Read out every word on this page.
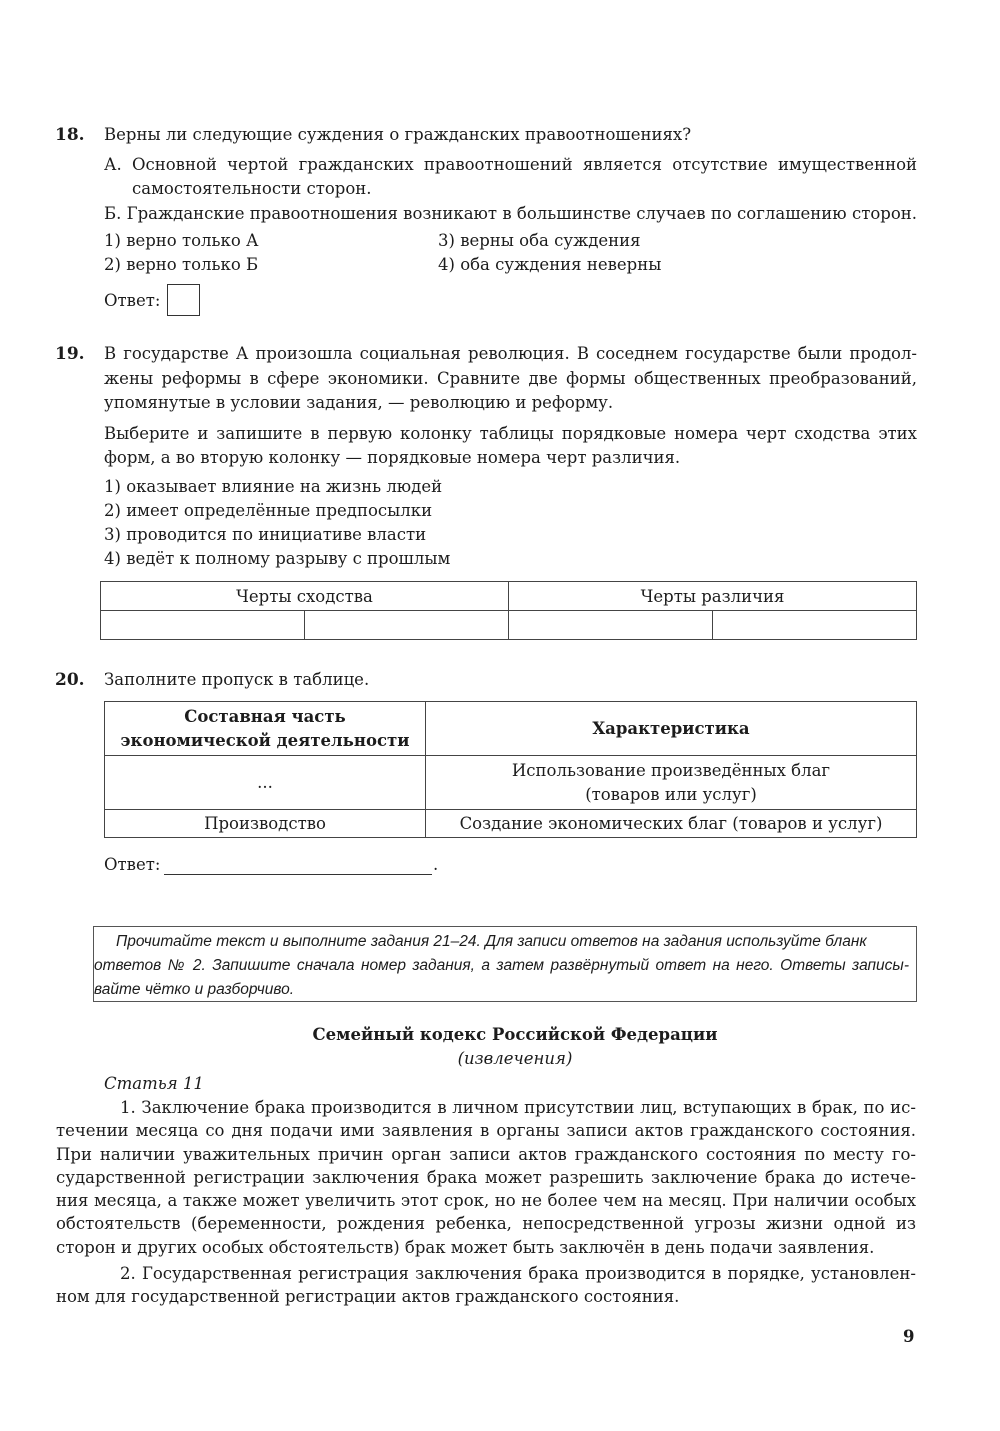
18. Верны ли следующие суждения о гражданских правоотношениях?
А. Основной чертой гражданских правоотношений является отсутствие имущественной
самостоятельности сторон.
Б. Гражданские правоотношения возникают в большинстве случаев по соглашению сторон.
1) верно только А
2) верно только Б
3) верны оба суждения
4) оба суждения неверны
Ответ:
19. В государстве А произошла социальная революция. В соседнем государстве были продол-
жены реформы в сфере экономики. Сравните две формы общественных преобразований,
упомянутые в условии задания, — революцию и реформу.
Выберите и запишите в первую колонку таблицы порядковые номера черт сходства этих
форм, а во вторую колонку — порядковые номера черт различия.
1) оказывает влияние на жизнь людей
2) имеет определённые предпосылки
3) проводится по инициативе власти
4) ведёт к полному разрыву с прошлым
Черты сходства		Черты различия	

20. Заполните пропуск в таблице.
Составная часть
экономической деятельности	Характеристика
...	Использование произведённых благ
(товаров или услуг)
Производство	Создание экономических благ (товаров и услуг)
Ответ:	.
Прочитайте текст и выполните задания 21–24. Для записи ответов на задания используйте бланк
ответов № 2. Запишите сначала номер задания, а затем развёрнутый ответ на него. Ответы записы-
вайте чётко и разборчиво.
Семейный кодекс Российской Федерации
(извлечения)
Статья 11
1. Заключение брака производится в личном присутствии лиц, вступающих в брак, по ис-
течении месяца со дня подачи ими заявления в органы записи актов гражданского состояния.
При наличии уважительных причин орган записи актов гражданского состояния по месту го-
сударственной регистрации заключения брака может разрешить заключение брака до истече-
ния месяца, а также может увеличить этот срок, но не более чем на месяц. При наличии особых
обстоятельств (беременности, рождения ребенка, непосредственной угрозы жизни одной из
сторон и других особых обстоятельств) брак может быть заключён в день подачи заявления.
2. Государственная регистрация заключения брака производится в порядке, установлен-
ном для государственной регистрации актов гражданского состояния.
9
